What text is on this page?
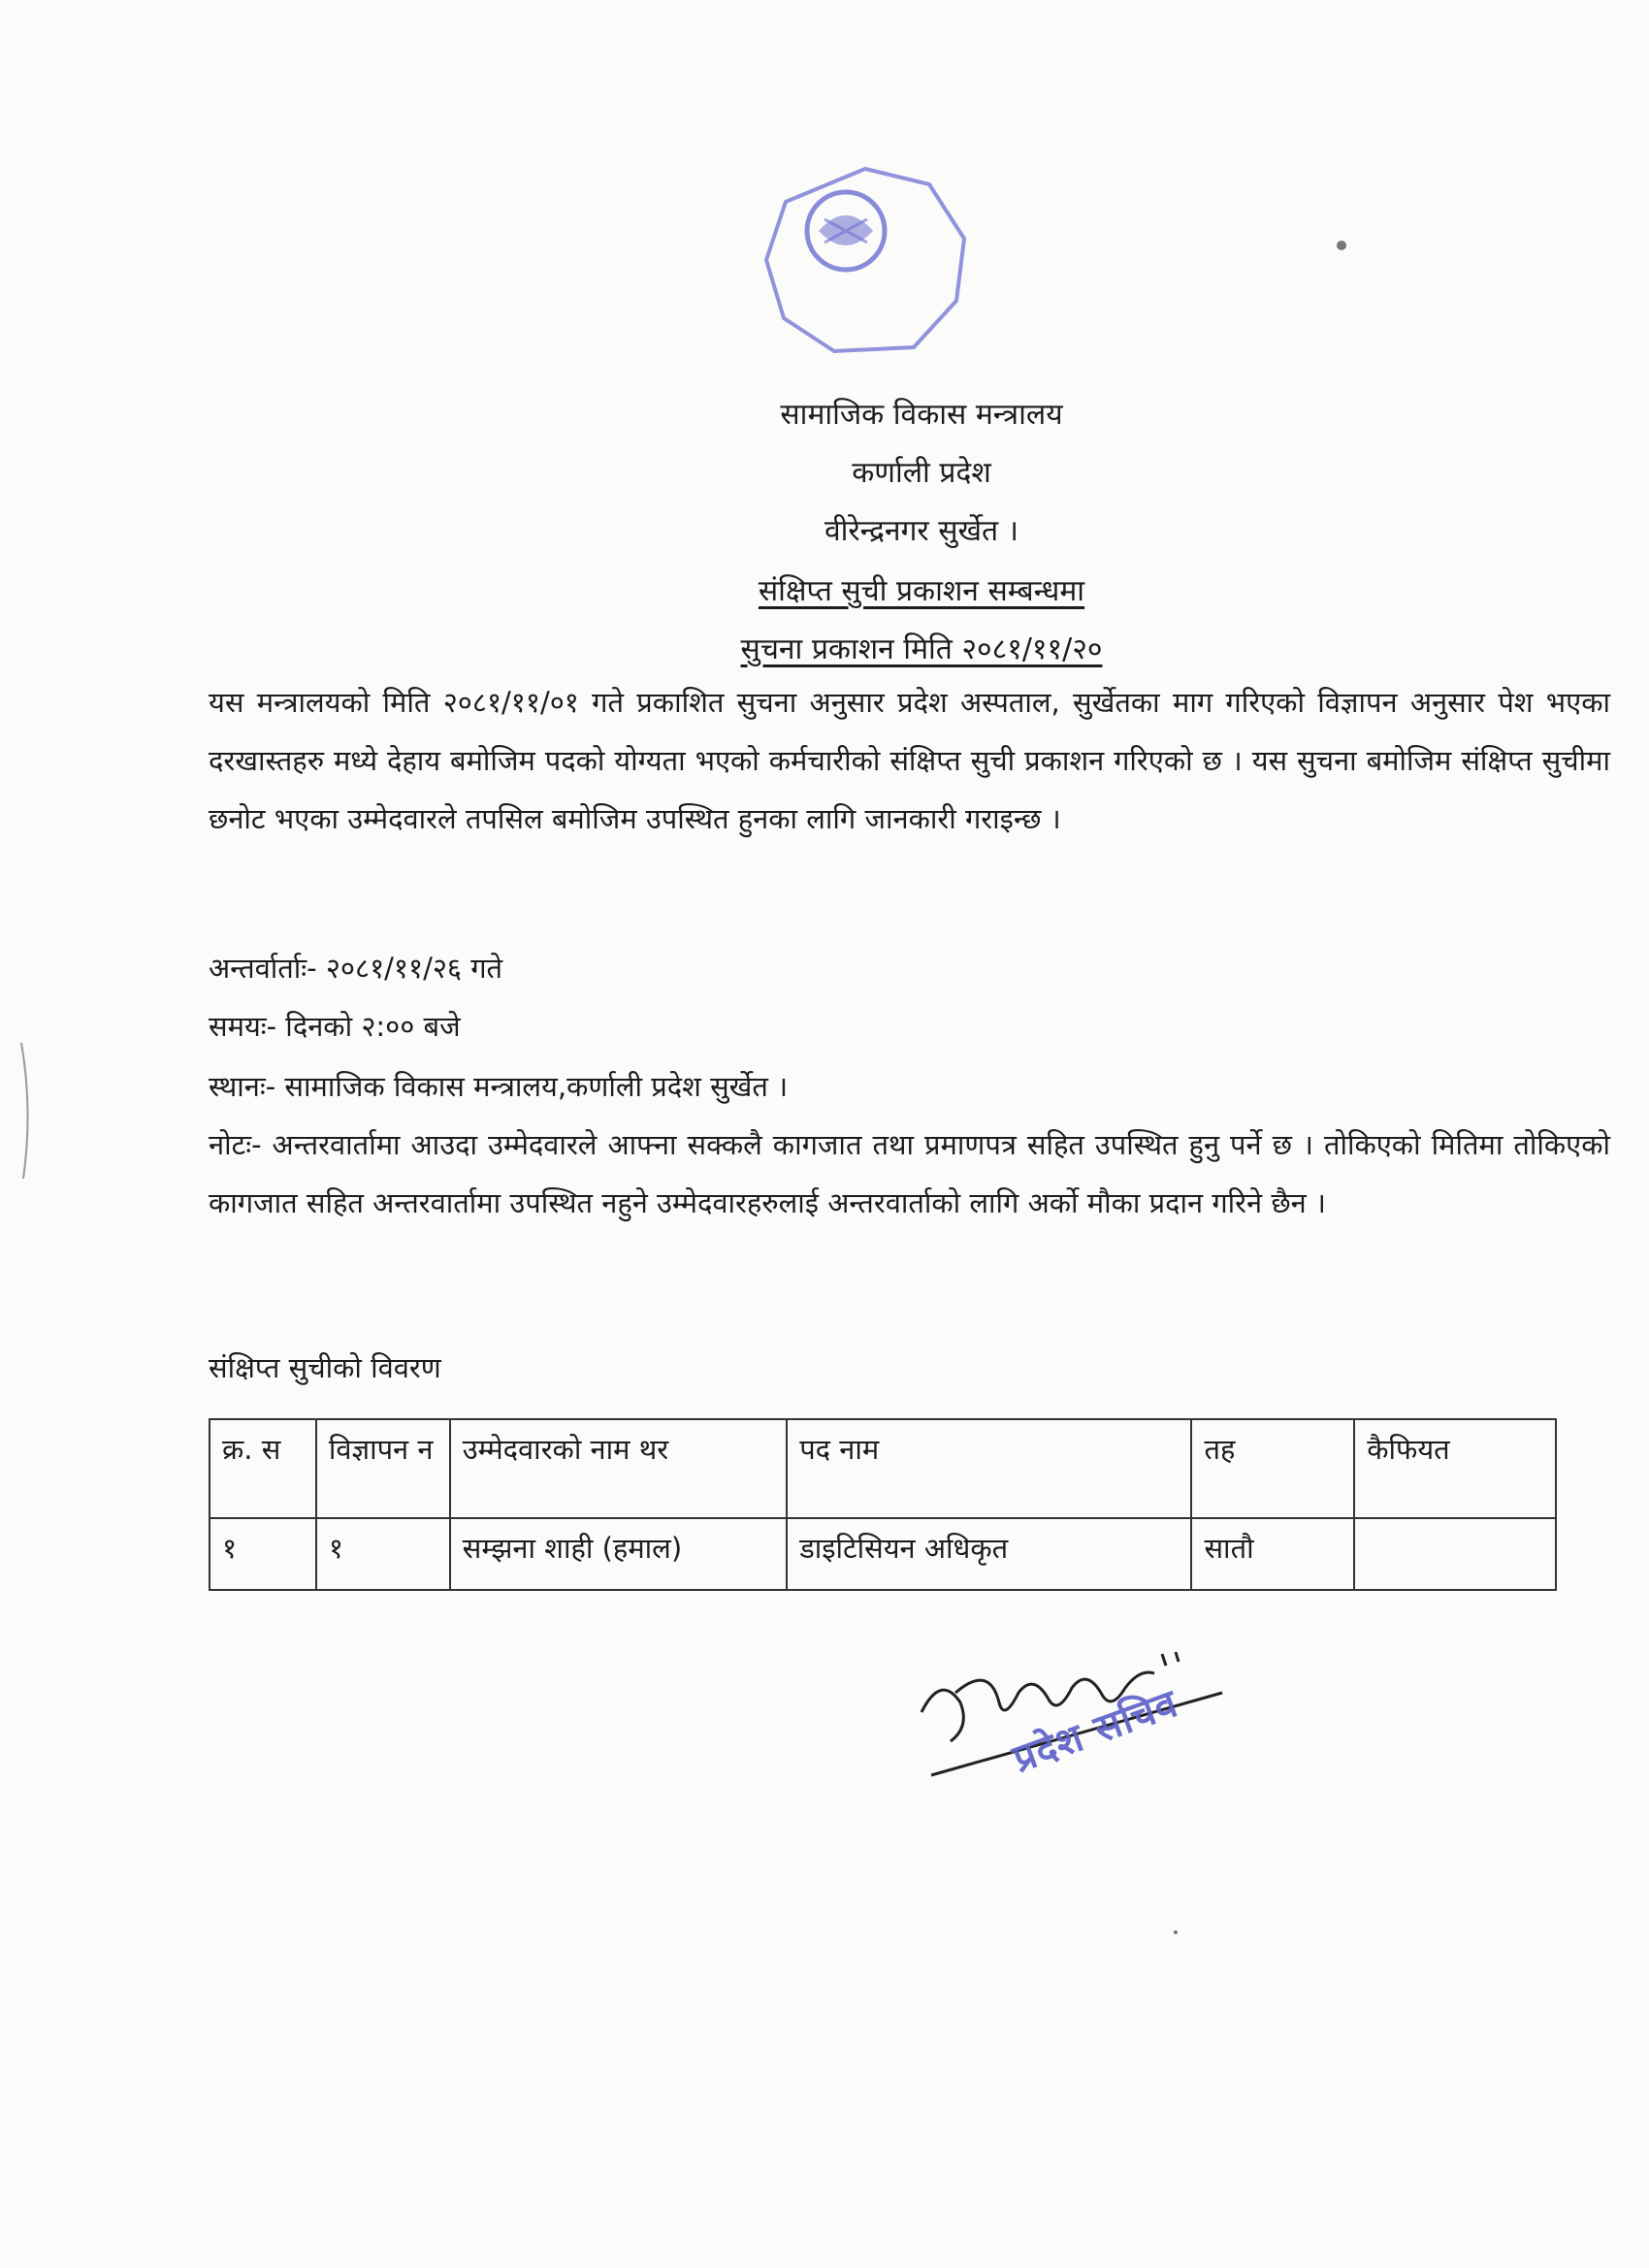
सामाजिक विकास मन्त्रालय
कर्णाली प्रदेश
वीरेन्द्रनगर सुर्खेत ।
संक्षिप्त सुची प्रकाशन सम्बन्धमा
सुचना प्रकाशन मिति २०८१/११/२०
यस मन्त्रालयको मिति २०८१/११/०१ गते प्रकाशित सुचना अनुसार प्रदेश अस्पताल, सुर्खेतका माग गरिएको विज्ञापन अनुसार पेश भएका दरखास्तहरु मध्ये देहाय बमोजिम पदको योग्यता भएको कर्मचारीको संक्षिप्त सुची प्रकाशन गरिएको छ । यस सुचना बमोजिम संक्षिप्त सुचीमा छनोट भएका उम्मेदवारले तपसिल बमोजिम उपस्थित हुनका लागि जानकारी गराइन्छ ।
अन्तर्वार्ताः- २०८१/११/२६ गते
समयः- दिनको २:०० बजे
स्थानः- सामाजिक विकास मन्त्रालय,कर्णाली प्रदेश सुर्खेत ।
नोटः- अन्तरवार्तामा आउदा उम्मेदवारले आफ्ना सक्कलै कागजात तथा प्रमाणपत्र सहित उपस्थित हुनु पर्ने छ । तोकिएको मितिमा तोकिएको कागजात सहित अन्तरवार्तामा उपस्थित नहुने उम्मेदवारहरुलाई अन्तरवार्ताको लागि अर्को मौका प्रदान गरिने छैन ।
संक्षिप्त सुचीको विवरण
क्र. स	विज्ञापन न	उम्मेदवारको नाम थर	पद नाम	तह	कैफियत
१	१	सम्झना शाही (हमाल)	डाइटिसियन अधिकृत	सातौ	
प्रदेश सचिव
